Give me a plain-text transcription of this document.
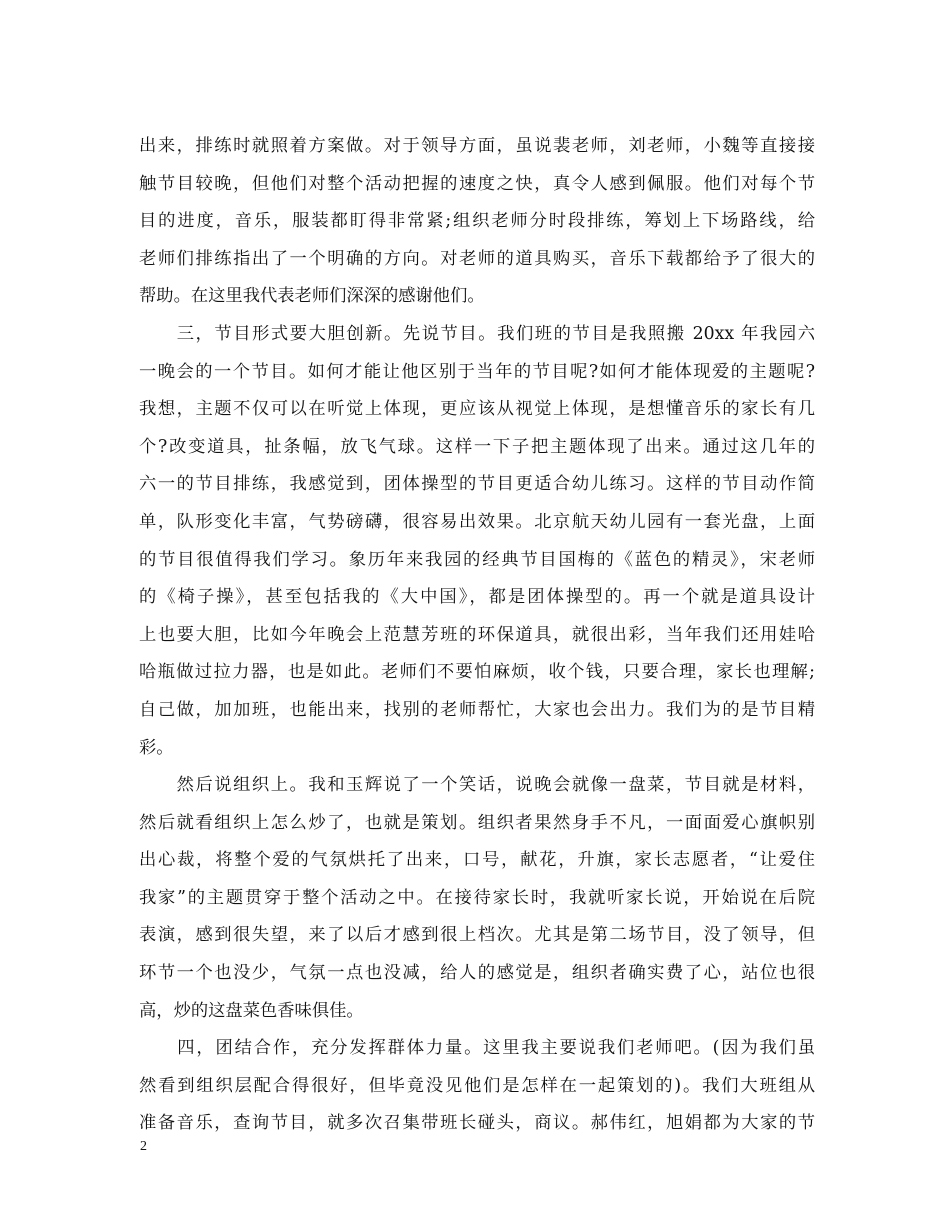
出来，排练时就照着方案做。对于领导方面，虽说裴老师，刘老师，小魏等直接接
触节目较晚，但他们对整个活动把握的速度之快，真令人感到佩服。他们对每个节
目的进度，音乐，服装都盯得非常紧;组织老师分时段排练，筹划上下场路线，给
老师们排练指出了一个明确的方向。对老师的道具购买，音乐下载都给予了很大的
帮助。在这里我代表老师们深深的感谢他们。
　　三，节目形式要大胆创新。先说节目。我们班的节目是我照搬 20xx 年我园六
一晚会的一个节目。如何才能让他区别于当年的节目呢?如何才能体现爱的主题呢?
我想，主题不仅可以在听觉上体现，更应该从视觉上体现，是想懂音乐的家长有几
个?改变道具，扯条幅，放飞气球。这样一下子把主题体现了出来。通过这几年的
六一的节目排练，我感觉到，团体操型的节目更适合幼儿练习。这样的节目动作简
单，队形变化丰富，气势磅礴，很容易出效果。北京航天幼儿园有一套光盘，上面
的节目很值得我们学习。象历年来我园的经典节目国梅的《蓝色的精灵》，宋老师
的《椅子操》，甚至包括我的《大中国》，都是团体操型的。再一个就是道具设计
上也要大胆，比如今年晚会上范慧芳班的环保道具，就很出彩，当年我们还用娃哈
哈瓶做过拉力器，也是如此。老师们不要怕麻烦，收个钱，只要合理，家长也理解;
自己做，加加班，也能出来，找别的老师帮忙，大家也会出力。我们为的是节目精
彩。
　　然后说组织上。我和玉辉说了一个笑话，说晚会就像一盘菜，节目就是材料，
然后就看组织上怎么炒了，也就是策划。组织者果然身手不凡，一面面爱心旗帜别
出心裁，将整个爱的气氛烘托了出来，口号，献花，升旗，家长志愿者，“让爱住
我家”的主题贯穿于整个活动之中。在接待家长时，我就听家长说，开始说在后院
表演，感到很失望，来了以后才感到很上档次。尤其是第二场节目，没了领导，但
环节一个也没少，气氛一点也没减，给人的感觉是，组织者确实费了心，站位也很
高，炒的这盘菜色香味俱佳。
　　四，团结合作，充分发挥群体力量。这里我主要说我们老师吧。(因为我们虽
然看到组织层配合得很好，但毕竟没见他们是怎样在一起策划的)。我们大班组从
准备音乐，查询节目，就多次召集带班长碰头，商议。郝伟红，旭娟都为大家的节
2
